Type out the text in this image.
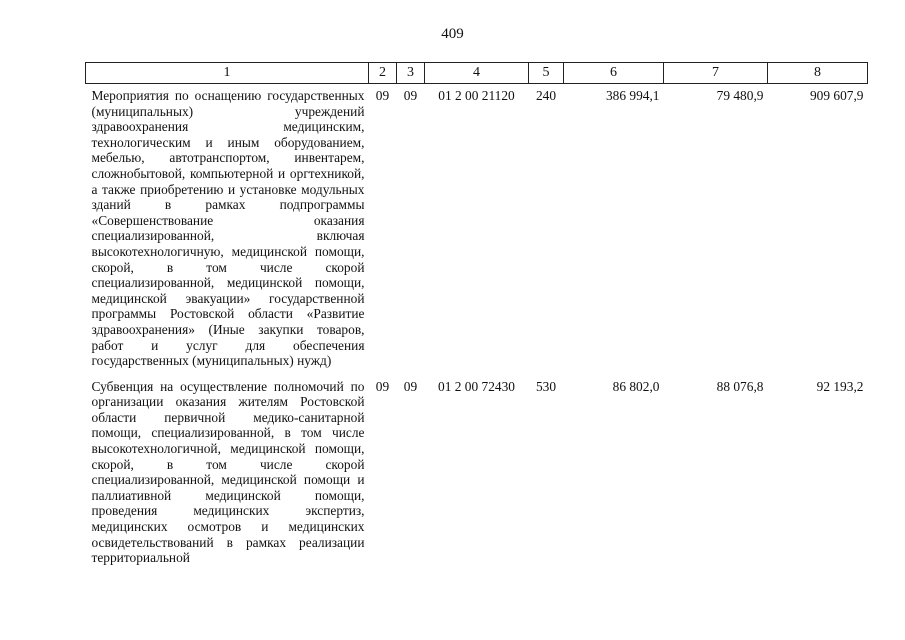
409
1	2	3	4	5	6	7	8
Мероприятия по оснащению государственных (муниципальных) учреждений здравоохранения медицинским, технологическим и иным оборудованием, мебелью, автотранспортом, инвентарем, сложнобытовой, компьютерной и оргтехникой, а также приобретению и установке модульных зданий в рамках подпрограммы «Совершенствование оказания специализированной, включая высокотехнологичную, медицинской помощи, скорой, в том числе скорой специализированной, медицинской помощи, медицинской эвакуации» государственной программы Ростовской области «Развитие здравоохранения» (Иные закупки товаров, работ и услуг для обеспечения государственных (муниципальных) нужд)	09	09	01 2 00 21120	240	386 994,1	79 480,9	909 607,9
Субвенция на осуществление полномочий по организации оказания жителям Ростовской области первичной медико-санитарной помощи, специализированной, в том числе высокотехнологичной, медицинской помощи, скорой, в том числе скорой специализированной, медицинской помощи и паллиативной медицинской помощи, проведения медицинских экспертиз, медицинских осмотров и медицинских освидетельствований в рамках реализации территориальной	09	09	01 2 00 72430	530	86 802,0	88 076,8	92 193,2
